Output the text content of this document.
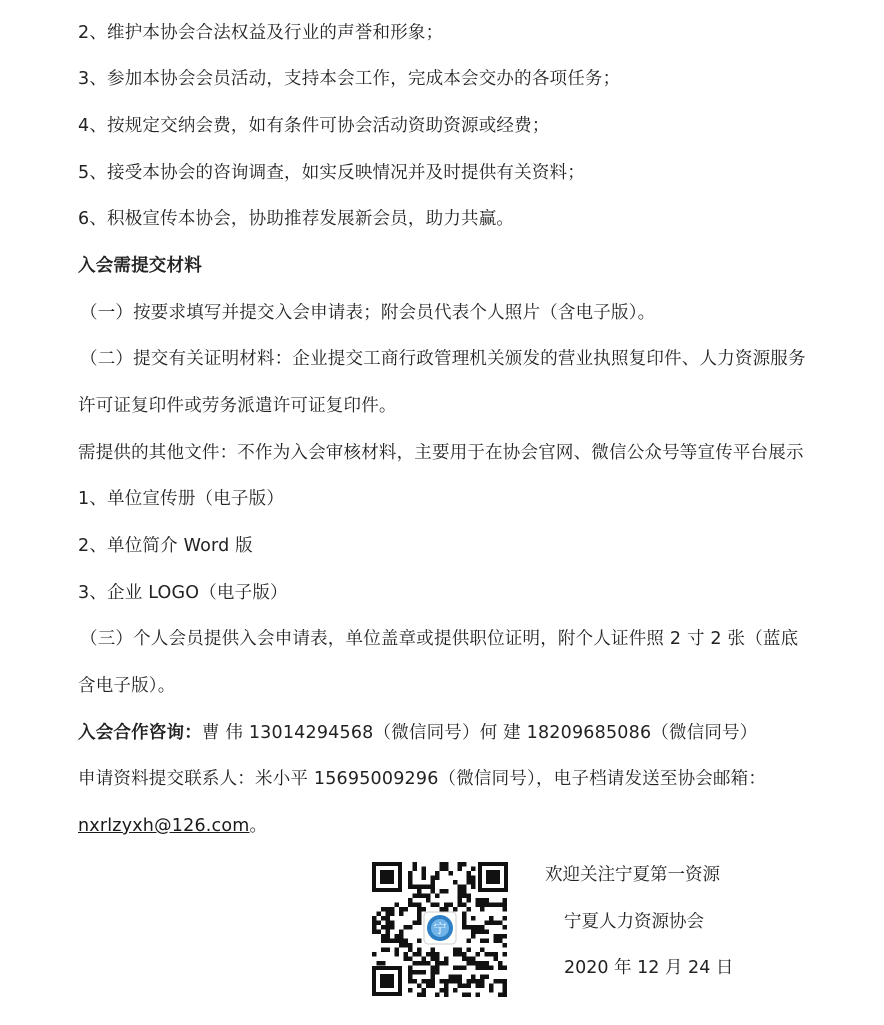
2、维护本协会合法权益及行业的声誉和形象；
3、参加本协会会员活动，支持本会工作，完成本会交办的各项任务；
4、按规定交纳会费，如有条件可协会活动资助资源或经费；
5、接受本协会的咨询调查，如实反映情况并及时提供有关资料；
6、积极宣传本协会，协助推荐发展新会员，助力共赢。
入会需提交材料
（一）按要求填写并提交入会申请表；附会员代表个人照片（含电子版）。
（二）提交有关证明材料：企业提交工商行政管理机关颁发的营业执照复印件、人力资源服务
许可证复印件或劳务派遣许可证复印件。
需提供的其他文件：不作为入会审核材料，主要用于在协会官网、微信公众号等宣传平台展示
1、单位宣传册（电子版）
2、单位简介 Word 版
3、企业 LOGO（电子版）
（三）个人会员提供入会申请表，单位盖章或提供职位证明，附个人证件照 2 寸 2 张（蓝底
含电子版）。
入会合作咨询：曹 伟 13014294568（微信同号）何 建 18209685086（微信同号）
申请资料提交联系人：米小平 15695009296（微信同号），电子档请发送至协会邮箱：
nxrlzyxh@126.com。
宁
欢迎关注宁夏第一资源
宁夏人力资源协会
2020 年 12 月 24 日
